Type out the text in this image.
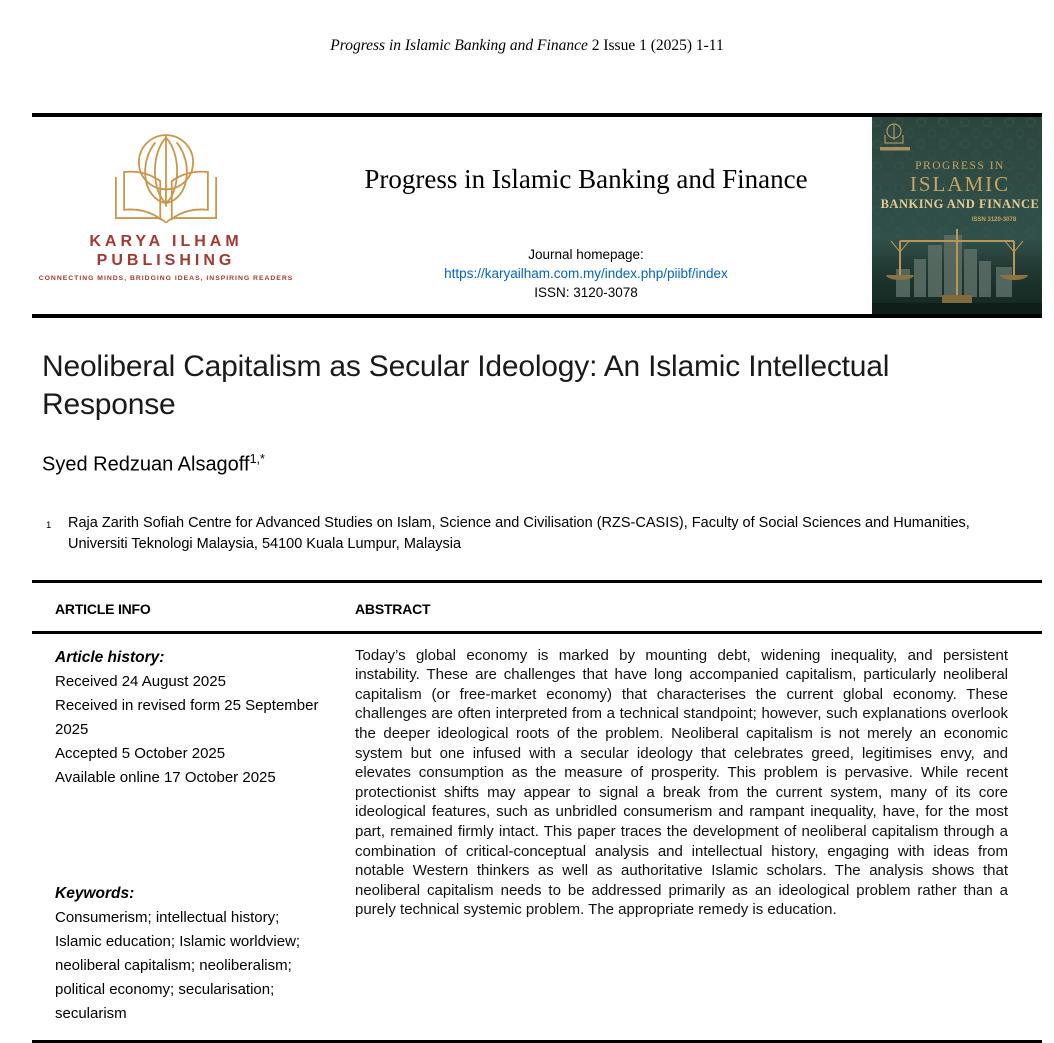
Progress in Islamic Banking and Finance 2 Issue 1 (2025) 1-11
KARYA ILHAM
PUBLISHING
CONNECTING MINDS, BRIDGING IDEAS, INSPIRING READERS
Progress in Islamic Banking and Finance
Journal homepage:
https://karyailham.com.my/index.php/piibf/index
ISSN: 3120-3078
PROGRESS IN
ISLAMIC
BANKING AND FINANCE
ISSN 3120-3078
Neoliberal Capitalism as Secular Ideology: An Islamic Intellectual Response
Syed Redzuan Alsagoff$^{1,*}$
1	Raja Zarith Sofiah Centre for Advanced Studies on Islam, Science and Civilisation (RZS-CASIS), Faculty of Social Sciences and Humanities, Universiti Teknologi Malaysia, 54100 Kuala Lumpur, Malaysia
ARTICLE INFO	ABSTRACT
Article history:
Received 24 August 2025
Received in revised form 25 September 2025
Accepted 5 October 2025
Available online 17 October 2025
Keywords:
Consumerism; intellectual history; Islamic education; Islamic worldview; neoliberal capitalism; neoliberalism; political economy; secularisation; secularism
Today’s global economy is marked by mounting debt, widening inequality, and persistent instability. These are challenges that have long accompanied capitalism, particularly neoliberal capitalism (or free-market economy) that characterises the current global economy. These challenges are often interpreted from a technical standpoint; however, such explanations overlook the deeper ideological roots of the problem. Neoliberal capitalism is not merely an economic system but one infused with a secular ideology that celebrates greed, legitimises envy, and elevates consumption as the measure of prosperity. This problem is pervasive. While recent protectionist shifts may appear to signal a break from the current system, many of its core ideological features, such as unbridled consumerism and rampant inequality, have, for the most part, remained firmly intact. This paper traces the development of neoliberal capitalism through a combination of critical-conceptual analysis and intellectual history, engaging with ideas from notable Western thinkers as well as authoritative Islamic scholars. The analysis shows that neoliberal capitalism needs to be addressed primarily as an ideological problem rather than a purely technical systemic problem. The appropriate remedy is education.
